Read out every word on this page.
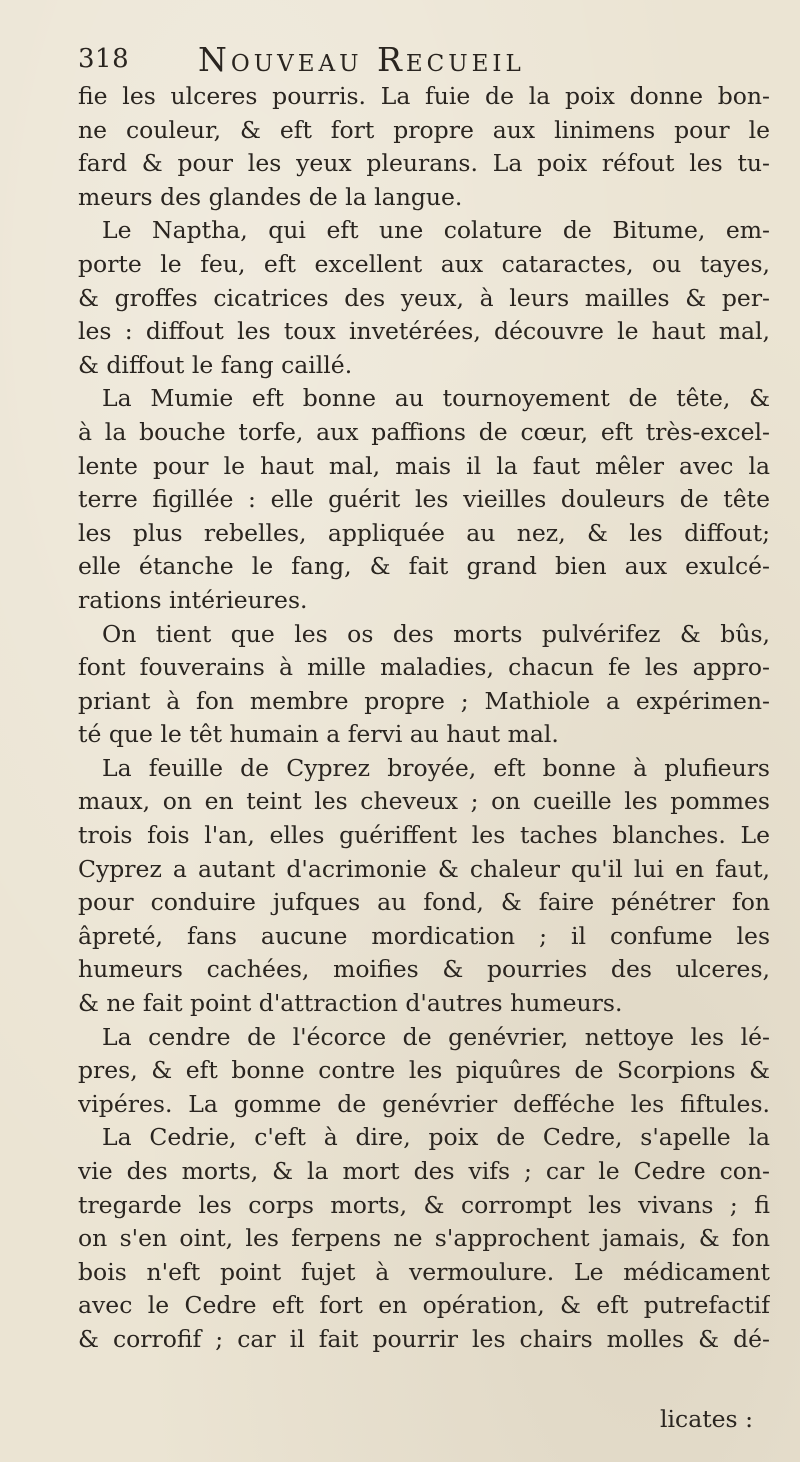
318 Nouveau Recueil
fie les ulceres pourris. La fuie de la poix donne bon-
ne couleur, & eft fort propre aux linimens pour le
fard & pour les yeux pleurans. La poix réfout les tu-
meurs des glandes de la langue.
Le Naptha, qui eft une colature de Bitume, em-
porte le feu, eft excellent aux cataractes, ou tayes,
& groffes cicatrices des yeux, à leurs mailles & per-
les : diffout les toux invetérées, découvre le haut mal,
& diffout le fang caillé.
La Mumie eft bonne au tournoyement de tête, &
à la bouche torfe, aux paffions de cœur, eft très-excel-
lente pour le haut mal, mais il la faut mêler avec la
terre figillée : elle guérit les vieilles douleurs de tête
les plus rebelles, appliquée au nez, & les diffout;
elle étanche le fang, & fait grand bien aux exulcé-
rations intérieures.
On tient que les os des morts pulvérifez & bûs,
font fouverains à mille maladies, chacun fe les appro-
priant à fon membre propre ; Mathiole a expérimen-
té que le têt humain a fervi au haut mal.
La feuille de Cyprez broyée, eft bonne à plufieurs
maux, on en teint les cheveux ; on cueille les pommes
trois fois l'an, elles guériffent les taches blanches. Le
Cyprez a autant d'acrimonie & chaleur qu'il lui en faut,
pour conduire jufques au fond, & faire pénétrer fon
âpreté, fans aucune mordication ; il confume les
humeurs cachées, moifies & pourries des ulceres,
& ne fait point d'attraction d'autres humeurs.
La cendre de l'écorce de genévrier, nettoye les lé-
pres, & eft bonne contre les piquûres de Scorpions &
vipéres. La gomme de genévrier defféche les fiftules.
La Cedrie, c'eft à dire, poix de Cedre, s'apelle la
vie des morts, & la mort des vifs ; car le Cedre con-
tregarde les corps morts, & corrompt les vivans ; fi
on s'en oint, les ferpens ne s'approchent jamais, & fon
bois n'eft point fujet à vermoulure. Le médicament
avec le Cedre eft fort en opération, & eft putrefactif
& corrofif ; car il fait pourrir les chairs molles & dé-
licates :
